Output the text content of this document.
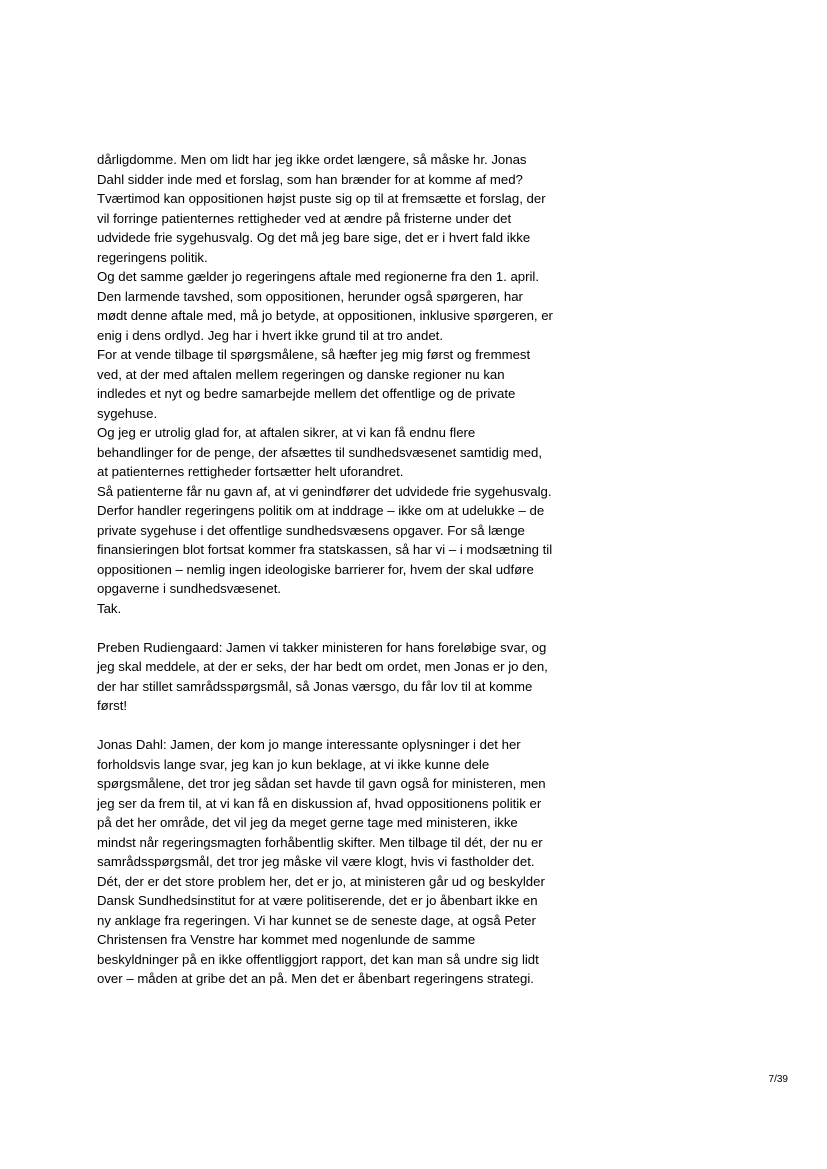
dårligdomme. Men om lidt har jeg ikke ordet længere, så måske hr. Jonas
Dahl sidder inde med et forslag, som han brænder for at komme af med?
Tværtimod kan oppositionen højst puste sig op til at fremsætte et forslag, der
vil forringe patienternes rettigheder ved at ændre på fristerne under det
udvidede frie sygehusvalg. Og det må jeg bare sige, det er i hvert fald ikke
regeringens politik.
Og det samme gælder jo regeringens aftale med regionerne fra den 1. april.
Den larmende tavshed, som oppositionen, herunder også spørgeren, har
mødt denne aftale med, må jo betyde, at oppositionen, inklusive spørgeren, er
enig i dens ordlyd. Jeg har i hvert ikke grund til at tro andet.
For at vende tilbage til spørgsmålene, så hæfter jeg mig først og fremmest
ved, at der med aftalen mellem regeringen og danske regioner nu kan
indledes et nyt og bedre samarbejde mellem det offentlige og de private
sygehuse.
Og jeg er utrolig glad for, at aftalen sikrer, at vi kan få endnu flere
behandlinger for de penge, der afsættes til sundhedsvæsenet samtidig med,
at patienternes rettigheder fortsætter helt uforandret.
Så patienterne får nu gavn af, at vi genindfører det udvidede frie sygehusvalg.
Derfor handler regeringens politik om at inddrage – ikke om at udelukke – de
private sygehuse i det offentlige sundhedsvæsens opgaver. For så længe
finansieringen blot fortsat kommer fra statskassen, så har vi – i modsætning til
oppositionen – nemlig ingen ideologiske barrierer for, hvem der skal udføre
opgaverne i sundhedsvæsenet.
Tak.
Preben Rudiengaard: Jamen vi takker ministeren for hans foreløbige svar, og
jeg skal meddele, at der er seks, der har bedt om ordet, men Jonas er jo den,
der har stillet samrådsspørgsmål, så Jonas værsgo, du får lov til at komme
først!
Jonas Dahl: Jamen, der kom jo mange interessante oplysninger i det her
forholdsvis lange svar, jeg kan jo kun beklage, at vi ikke kunne dele
spørgsmålene, det tror jeg sådan set havde til gavn også for ministeren, men
jeg ser da frem til, at vi kan få en diskussion af, hvad oppositionens politik er
på det her område, det vil jeg da meget gerne tage med ministeren, ikke
mindst når regeringsmagten forhåbentlig skifter. Men tilbage til dét, der nu er
samrådsspørgsmål, det tror jeg måske vil være klogt, hvis vi fastholder det.
Dét, der er det store problem her, det er jo, at ministeren går ud og beskylder
Dansk Sundhedsinstitut for at være politiserende, det er jo åbenbart ikke en
ny anklage fra regeringen. Vi har kunnet se de seneste dage, at også Peter
Christensen fra Venstre har kommet med nogenlunde de samme
beskyldninger på en ikke offentliggjort rapport, det kan man så undre sig lidt
over – måden at gribe det an på. Men det er åbenbart regeringens strategi.
7/39
